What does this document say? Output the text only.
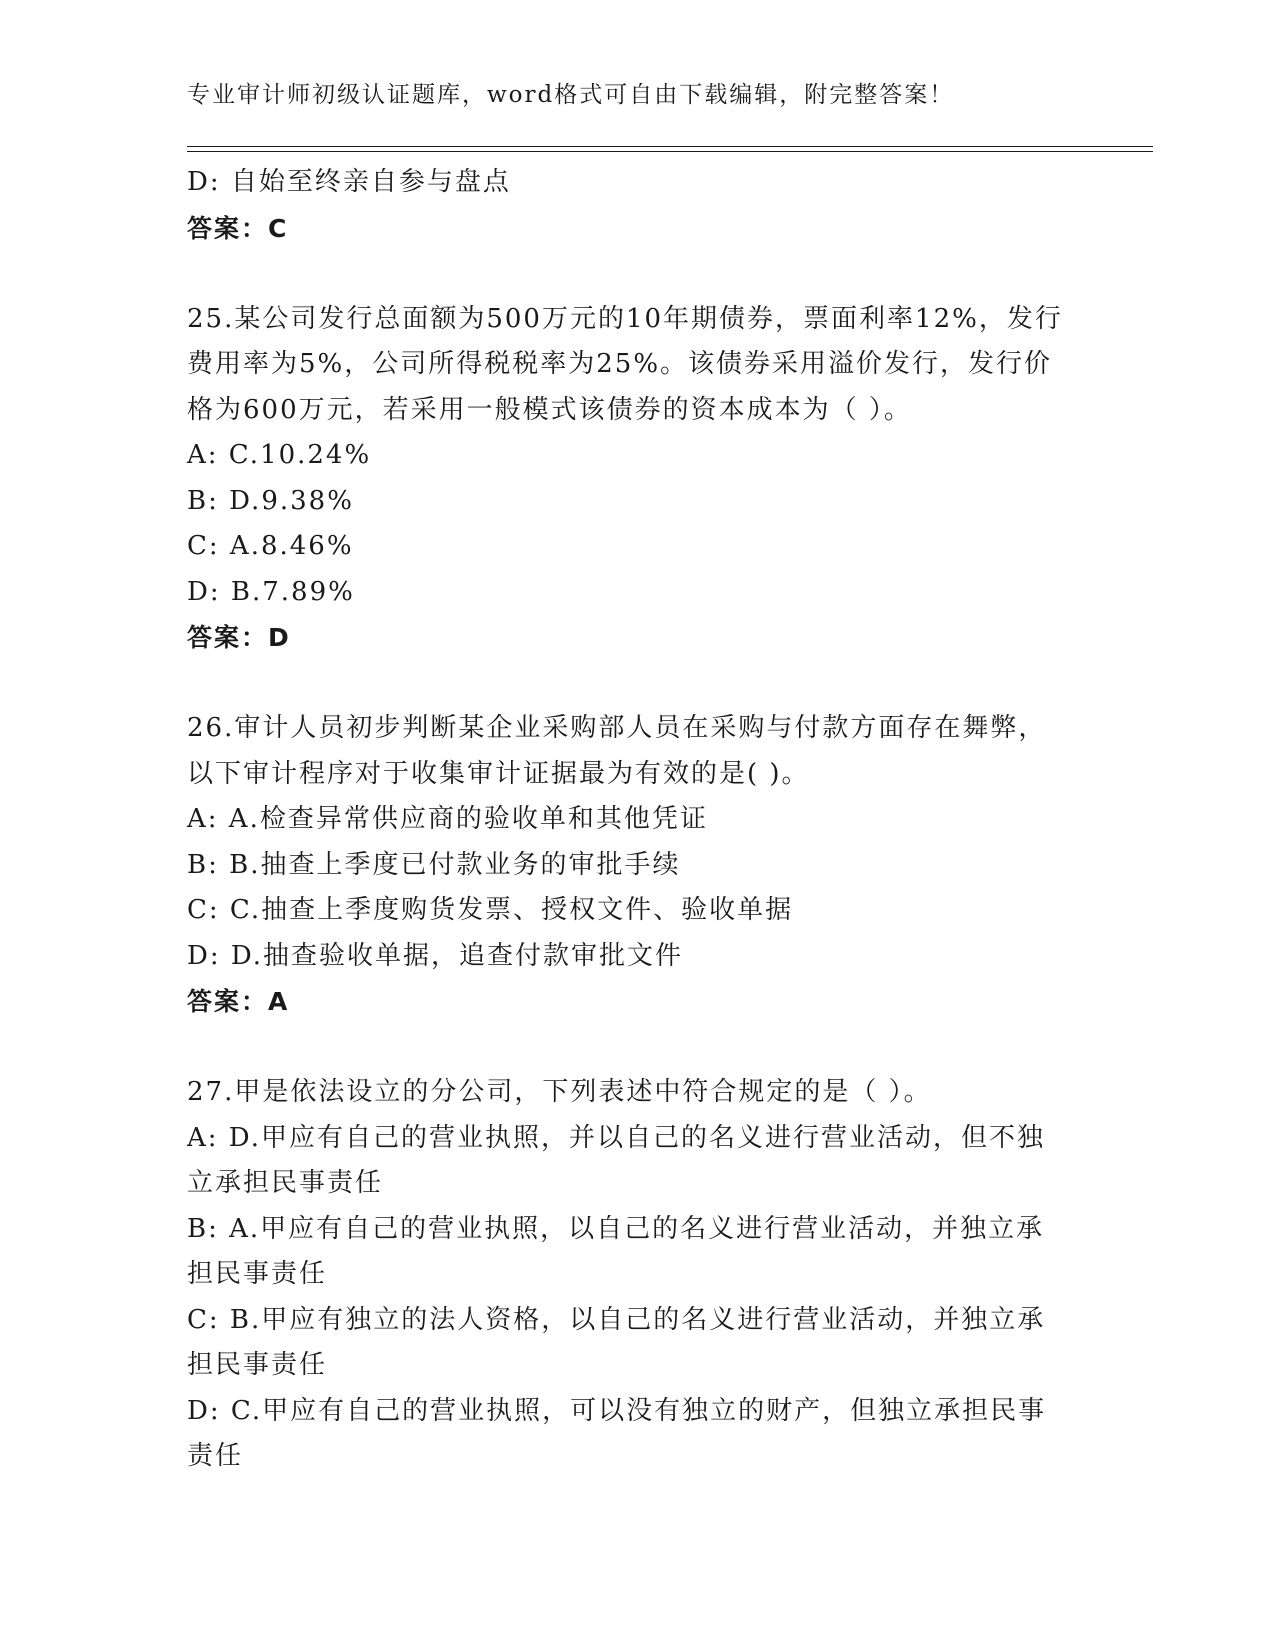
专业审计师初级认证题库，word格式可自由下载编辑，附完整答案！
D: 自始至终亲自参与盘点
答案：C
25.某公司发行总面额为500万元的10年期债券，票面利率12%，发行
费用率为5%，公司所得税税率为25%。该债券采用溢价发行，发行价
格为600万元，若采用一般模式该债券的资本成本为（ ）。
A: C.10.24%
B: D.9.38%
C: A.8.46%
D: B.7.89%
答案：D
26.审计人员初步判断某企业采购部人员在采购与付款方面存在舞弊，
以下审计程序对于收集审计证据最为有效的是( )。
A: A.检查异常供应商的验收单和其他凭证
B: B.抽查上季度已付款业务的审批手续
C: C.抽查上季度购货发票、授权文件、验收单据
D: D.抽查验收单据，追查付款审批文件
答案：A
27.甲是依法设立的分公司，下列表述中符合规定的是（ ）。
A: D.甲应有自己的营业执照，并以自己的名义进行营业活动，但不独
立承担民事责任
B: A.甲应有自己的营业执照，以自己的名义进行营业活动，并独立承
担民事责任
C: B.甲应有独立的法人资格，以自己的名义进行营业活动，并独立承
担民事责任
D: C.甲应有自己的营业执照，可以没有独立的财产，但独立承担民事
责任
